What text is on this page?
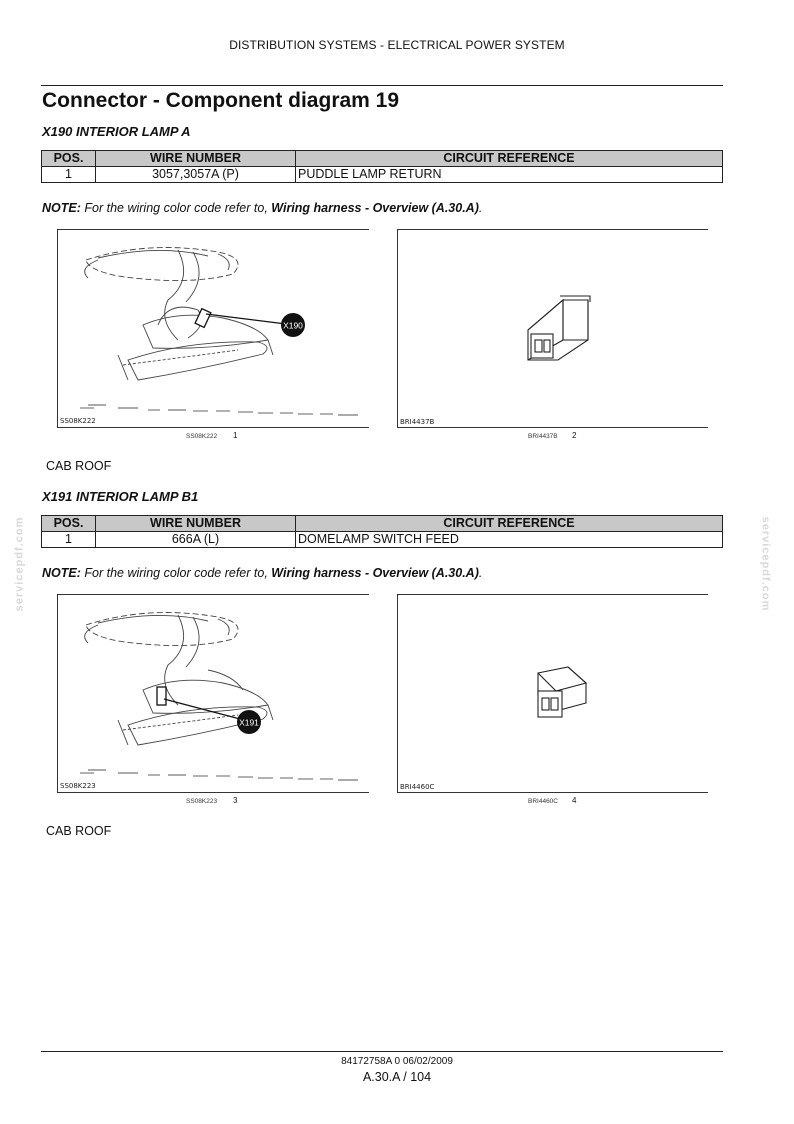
DISTRIBUTION SYSTEMS - ELECTRICAL POWER SYSTEM
Connector - Component diagram 19
servicepdf.com	servicepdf.com
X190 INTERIOR LAMP A
POS.	WIRE NUMBER	CIRCUIT REFERENCE
1	3057,3057A (P)	PUDDLE LAMP RETURN
NOTE: For the wiring color code refer to, Wiring harness - Overview (A.30.A).
X190
SS08K222
SS08K222 1
BRI4437B
BRI4437B 2
CAB ROOF
X191 INTERIOR LAMP B1
POS.	WIRE NUMBER	CIRCUIT REFERENCE
1	666A (L)	DOMELAMP SWITCH FEED
NOTE: For the wiring color code refer to, Wiring harness - Overview (A.30.A).
X191
SS08K223
SS08K223 3
BRI4460C
BRI4460C 4
CAB ROOF
84172758A 0 06/02/2009
A.30.A / 104
